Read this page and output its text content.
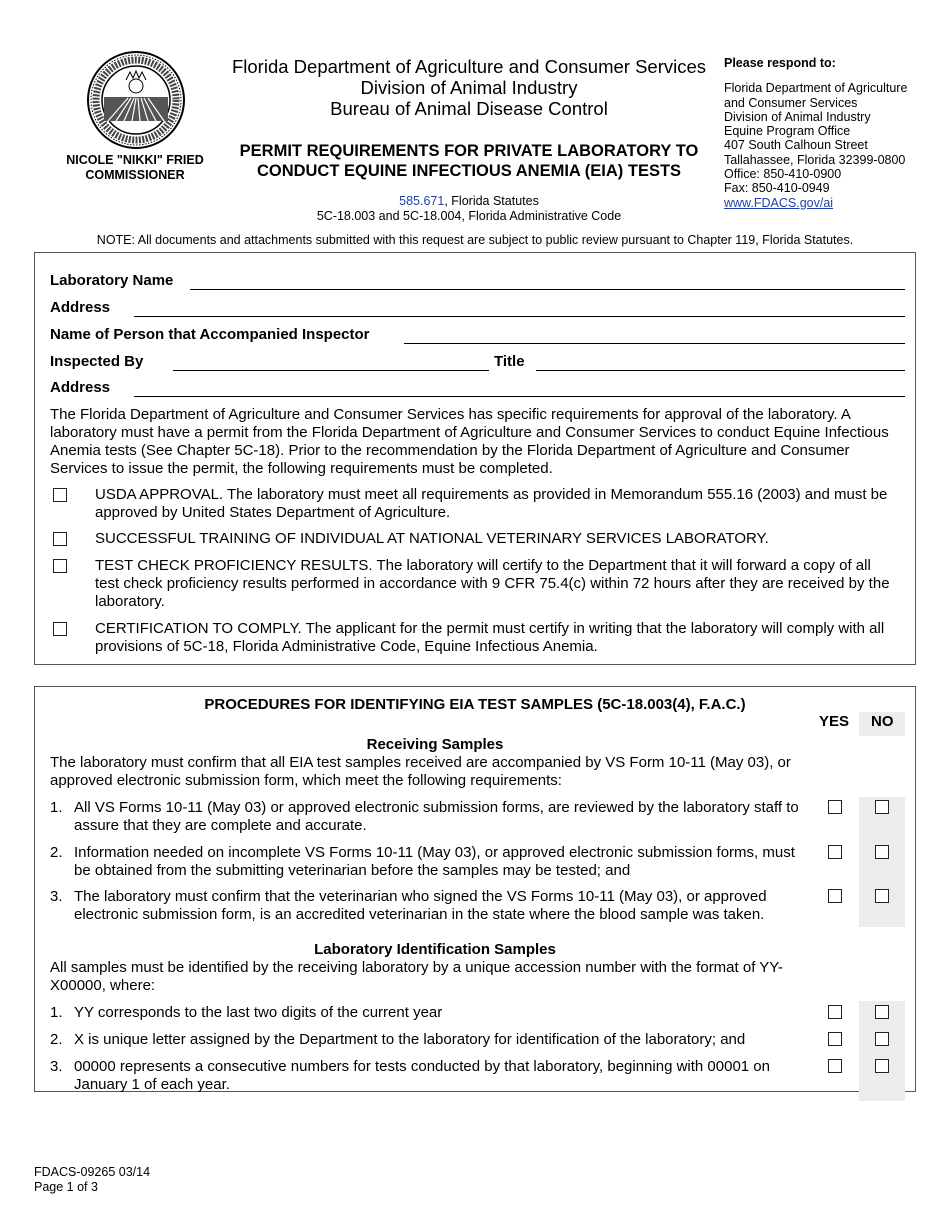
NICOLE "NIKKI" FRIED
COMMISSIONER
Florida Department of Agriculture and Consumer Services
Division of Animal Industry
Bureau of Animal Disease Control
PERMIT REQUIREMENTS FOR PRIVATE LABORATORY TO
CONDUCT EQUINE INFECTIOUS ANEMIA (EIA) TESTS
585.671, Florida Statutes
5C-18.003 and 5C-18.004, Florida Administrative Code
Please respond to:
Florida Department of Agriculture
and Consumer Services
Division of Animal Industry
Equine Program Office
407 South Calhoun Street
Tallahassee, Florida 32399-0800
Office: 850-410-0900
Fax: 850-410-0949
www.FDACS.gov/ai
NOTE: All documents and attachments submitted with this request are subject to public review pursuant to Chapter 119, Florida Statutes.
Laboratory Name
Address
Name of Person that Accompanied Inspector
Inspected By	Title
Address
The Florida Department of Agriculture and Consumer Services has specific requirements for approval of the laboratory. A laboratory must have a permit from the Florida Department of Agriculture and Consumer Services to conduct Equine Infectious Anemia tests (See Chapter 5C-18). Prior to the recommendation by the Florida Department of Agriculture and Consumer Services to issue the permit, the following requirements must be completed.
USDA APPROVAL. The laboratory must meet all requirements as provided in Memorandum 555.16 (2003) and must be approved by United States Department of Agriculture.
SUCCESSFUL TRAINING OF INDIVIDUAL AT NATIONAL VETERINARY SERVICES LABORATORY.
TEST CHECK PROFICIENCY RESULTS. The laboratory will certify to the Department that it will forward a copy of all test check proficiency results performed in accordance with 9 CFR 75.4(c) within 72 hours after they are received by the laboratory.
CERTIFICATION TO COMPLY. The applicant for the permit must certify in writing that the laboratory will comply with all provisions of 5C-18, Florida Administrative Code, Equine Infectious Anemia.
PROCEDURES FOR IDENTIFYING EIA TEST SAMPLES (5C-18.003(4), F.A.C.)
YES NO
Receiving Samples
The laboratory must confirm that all EIA test samples received are accompanied by VS Form 10-11 (May 03), or approved electronic submission form, which meet the following requirements:
1. All VS Forms 10-11 (May 03) or approved electronic submission forms, are reviewed by the laboratory staff to assure that they are complete and accurate.
2. Information needed on incomplete VS Forms 10-11 (May 03), or approved electronic submission forms, must be obtained from the submitting veterinarian before the samples may be tested; and
3. The laboratory must confirm that the veterinarian who signed the VS Forms 10-11 (May 03), or approved electronic submission form, is an accredited veterinarian in the state where the blood sample was taken.
Laboratory Identification Samples
All samples must be identified by the receiving laboratory by a unique accession number with the format of YY-X00000, where:
1. YY corresponds to the last two digits of the current year
2. X is unique letter assigned by the Department to the laboratory for identification of the laboratory; and
3. 00000 represents a consecutive numbers for tests conducted by that laboratory, beginning with 00001 on January 1 of each year.
FDACS-09265 03/14
Page 1 of 3
